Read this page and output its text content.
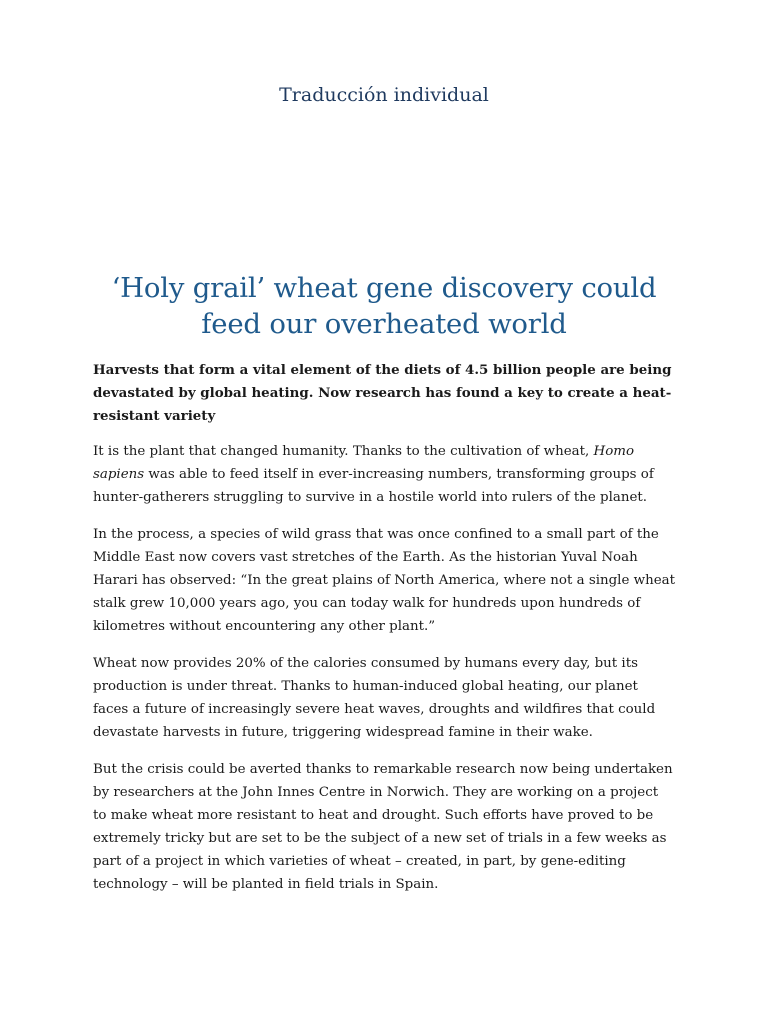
Traducción individual
‘Holy grail’ wheat gene discovery could feed our overheated world

Harvests that form a vital element of the diets of 4.5 billion people are being devastated by global heating. Now research has found a key to create a heat-resistant variety

It is the plant that changed humanity. Thanks to the cultivation of wheat, Homo sapiens was able to feed itself in ever-increasing numbers, transforming groups of hunter-gatherers struggling to survive in a hostile world into rulers of the planet.

In the process, a species of wild grass that was once confined to a small part of the Middle East now covers vast stretches of the Earth. As the historian Yuval Noah Harari has observed: “In the great plains of North America, where not a single wheat stalk grew 10,000 years ago, you can today walk for hundreds upon hundreds of kilometres without encountering any other plant.”

Wheat now provides 20% of the calories consumed by humans every day, but its production is under threat. Thanks to human-induced global heating, our planet faces a future of increasingly severe heat waves, droughts and wildfires that could devastate harvests in future, triggering widespread famine in their wake.

But the crisis could be averted thanks to remarkable research now being undertaken by researchers at the John Innes Centre in Norwich. They are working on a project to make wheat more resistant to heat and drought. Such efforts have proved to be extremely tricky but are set to be the subject of a new set of trials in a few weeks as part of a project in which varieties of wheat – created, in part, by gene-editing technology – will be planted in field trials in Spain.
